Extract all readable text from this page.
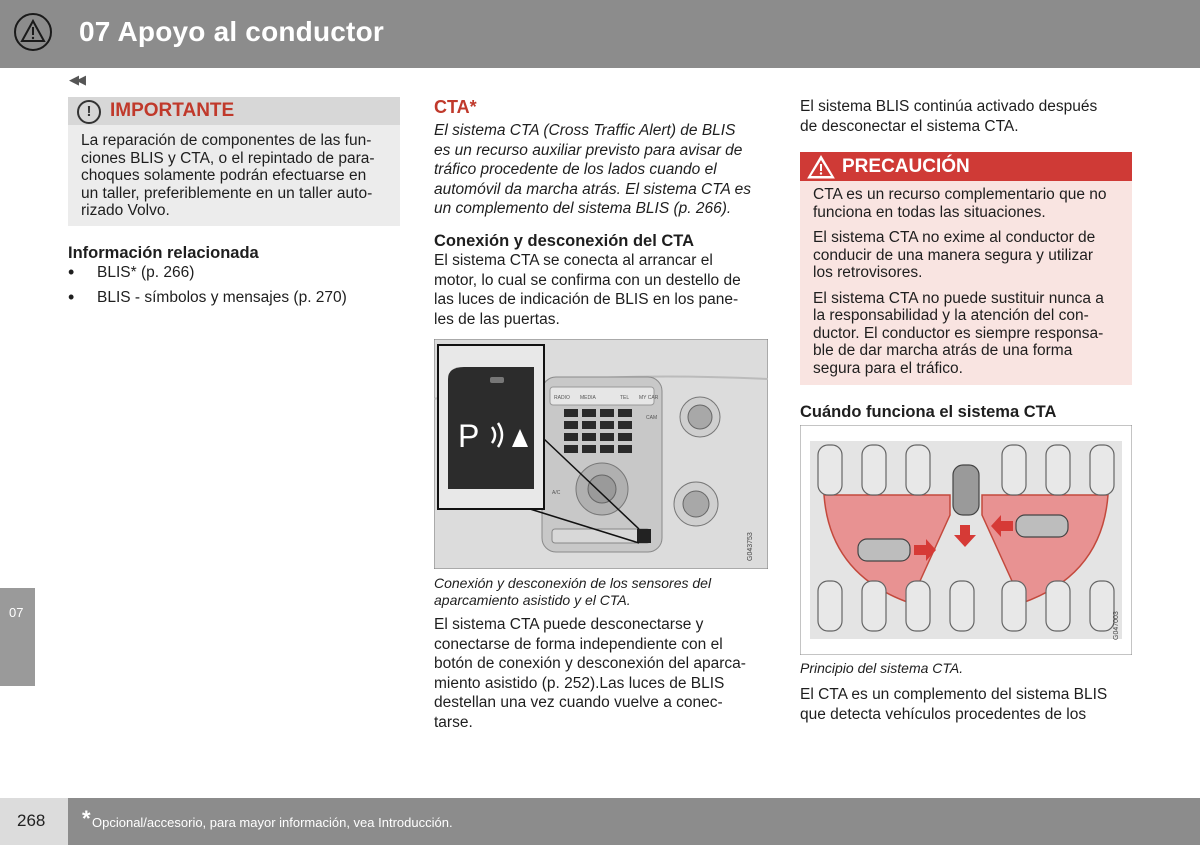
07 Apoyo al conductor
◀◀
! IMPORTANTE
La reparación de componentes de las fun-
ciones BLIS y CTA, o el repintado de para-
choques solamente podrán efectuarse en
un taller, preferiblemente en un taller auto-
rizado Volvo.
Información relacionada
• BLIS* (p. 266)
• BLIS - símbolos y mensajes (p. 270)
CTA*
El sistema CTA (Cross Traffic Alert) de BLIS
es un recurso auxiliar previsto para avisar de
tráfico procedente de los lados cuando el
automóvil da marcha atrás. El sistema CTA es
un complemento del sistema BLIS (p. 266).
Conexión y desconexión del CTA
El sistema CTA se conecta al arrancar el
motor, lo cual se confirma con un destello de
las luces de indicación de BLIS en los pane-
les de las puertas.
RADIO MEDIA	TEL MY CAR
CAM
A/C
P
G043753
Conexión y desconexión de los sensores del
aparcamiento asistido y el CTA.
El sistema CTA puede desconectarse y
conectarse de forma independiente con el
botón de conexión y desconexión del aparca-
miento asistido (p. 252).Las luces de BLIS
destellan una vez cuando vuelve a conec-
tarse.
El sistema BLIS continúa activado después
de desconectar el sistema CTA.
PRECAUCIÓN

CTA es un recurso complementario que no
funciona en todas las situaciones.

El sistema CTA no exime al conductor de
conducir de una manera segura y utilizar
los retrovisores.

El sistema CTA no puede sustituir nunca a
la responsabilidad y la atención del con-
ductor. El conductor es siempre responsa-
ble de dar marcha atrás de una forma
segura para el tráfico.

Cuándo funciona el sistema CTA
G047003
Principio del sistema CTA.
El CTA es un complemento del sistema BLIS
que detecta vehículos procedentes de los
07
268 * Opcional/accesorio, para mayor información, vea Introducción.
